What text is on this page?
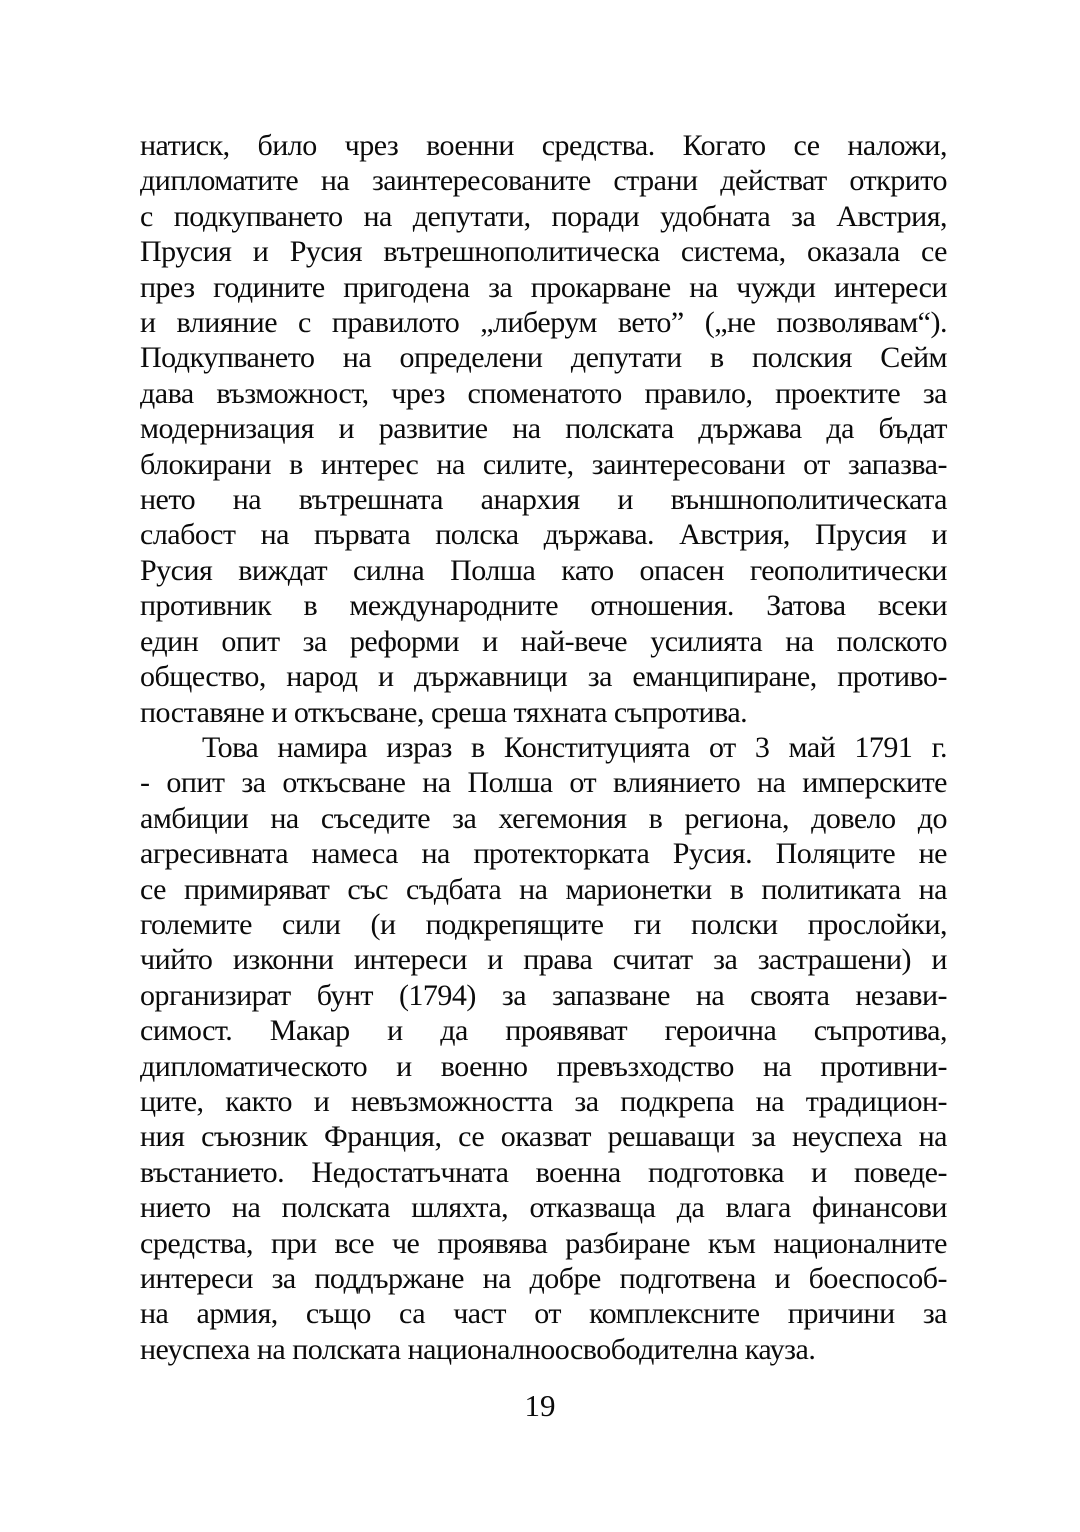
натиск, било чрез военни средства. Когато се наложи,
дипломатите на заинтересованите страни действат открито
с подкупването на депутати, поради удобната за Австрия,
Прусия и Русия вътрешнополитическа система, оказала се
през годините пригодена за прокарване на чужди интереси
и влияние с правилото „либерум вето” („не позволявам“).
Подкупването на определени депутати в полския Сейм
дава възможност, чрез споменатото правило, проектите за
модернизация и развитие на полската държава да бъдат
блокирани в интерес на силите, заинтересовани от запазва-
нето на вътрешната анархия и външнополитическата
слабост на първата полска държава. Австрия, Прусия и
Русия виждат силна Полша като опасен геополитически
противник в международните отношения. Затова всеки
един опит за реформи и най-вече усилията на полското
общество, народ и държавници за еманципиране, противо-
поставяне и откъсване, среша тяхната съпротива.
Това намира израз в Конституцията от 3 май 1791 г.
- опит за откъсване на Полша от влиянието на имперските
амбиции на съседите за хегемония в региона, довело до
агресивната намеса на протекторката Русия. Поляците не
се примиряват със съдбата на марионетки в политиката на
големите сили (и подкрепящите ги полски прослойки,
чийто изконни интереси и права считат за застрашени) и
организират бунт (1794) за запазване на своята незави-
симост. Макар и да проявяват героична съпротива,
дипломатическото и военно превъзходство на противни-
ците, както и невъзможността за подкрепа на традицион-
ния съюзник Франция, се оказват решаващи за неуспеха на
въстанието. Недостатъчната военна подготовка и поведе-
нието на полската шляхта, отказваща да влага финансови
средства, при все че проявява разбиране към националните
интереси за поддържане на добре подготвена и боеспособ-
на армия, също са част от комплексните причини за
неуспеха на полската националноосвободителна кауза.
19
